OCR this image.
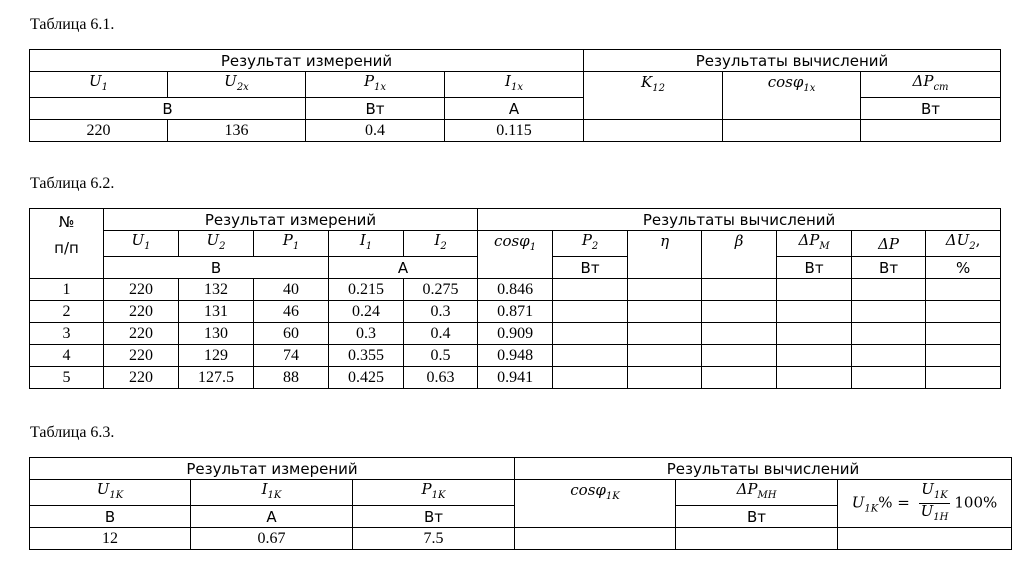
Таблица 6.1.
Результат измерений				Результаты вычислений		
$U_1$	$U_{2x}$	$P_{1x}$	$I_{1x}$	$K_{12}$	cosφ$_{1x}$	$\Delta P_{ст}$
В		Вт	А			Вт
220	136	0.4	0.115			
Таблица 6.2.
№
п/п	Результат измерений					Результаты вычислений						
	$U_1$	$U_2$	$P_1$	$I_1$	$I_2$	cosφ$_1$	$P_2$	η	β	$\Delta P_M$	ΔP	$\Delta U_2$,
	В			А			Вт			Вт	Вт	%
1	220	132	40	0.215	0.275	0.846						
2	220	131	46	0.24	0.3	0.871						
3	220	130	60	0.3	0.4	0.909						
4	220	129	74	0.355	0.5	0.948						
5	220	127.5	88	0.425	0.63	0.941						
Таблица 6.3.
Результат измерений			Результаты вычислений		
$U_{1K}$	$I_{1K}$	$P_{1K}$	cosφ$_{1K}$	$\Delta P_{MH}$	$U_{1K}\% = \frac{U_{1K}}{U_{1H}} 100\%$
В	А	Вт		Вт	
12	0.67	7.5			
